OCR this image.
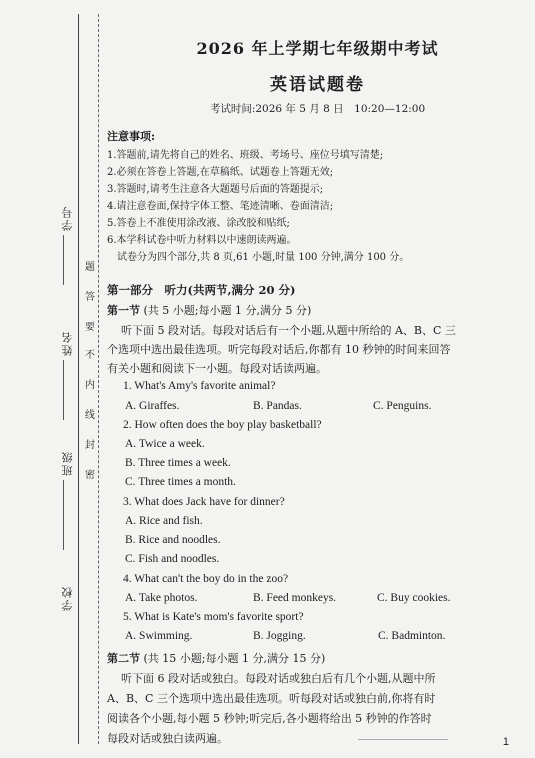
学号
姓名
班级
学校
题
答
要
不
内
线
封
密
2026 年上学期七年级期中考试
英语试题卷
考试时间:2026 年 5 月 8 日　10:20—12:00
注意事项:
1.答题前,请先将自己的姓名、班级、考场号、座位号填写清楚;
2.必须在答卷上答题,在草稿纸、试题卷上答题无效;
3.答题时,请考生注意各大题题号后面的答题提示;
4.请注意卷面,保持字体工整、笔迹清晰、卷面清洁;
5.答卷上不准使用涂改液、涂改胶和贴纸;
6.本学科试卷中听力材料以中速朗读两遍。
试卷分为四个部分,共 8 页,61 小题,时量 100 分钟,满分 100 分。
第一部分　听力(共两节,满分 20 分)
第一节 (共 5 小题;每小题 1 分,满分 5 分)
听下面 5 段对话。每段对话后有一个小题,从题中所给的 A、B、C 三
个选项中选出最佳选项。听完每段对话后,你都有 10 秒钟的时间来回答
有关小题和阅读下一小题。每段对话读两遍。
1. What's Amy's favorite animal?
A. Giraffes.	B. Pandas.	C. Penguins.
2. How often does the boy play basketball?
A. Twice a week.
B. Three times a week.
C. Three times a month.
3. What does Jack have for dinner?
A. Rice and fish.
B. Rice and noodles.
C. Fish and noodles.
4. What can't the boy do in the zoo?
A. Take photos.	B. Feed monkeys.	C. Buy cookies.
5. What is Kate's mom's favorite sport?
A. Swimming.	B. Jogging.	C. Badminton.
第二节 (共 15 小题;每小题 1 分,满分 15 分)
听下面 6 段对话或独白。每段对话或独白后有几个小题,从题中所
A、B、C 三个选项中选出最佳选项。听每段对话或独白前,你将有时
阅读各个小题,每小题 5 秒钟;听完后,各小题将给出 5 秒钟的作答时
每段对话或独白读两遍。	1
